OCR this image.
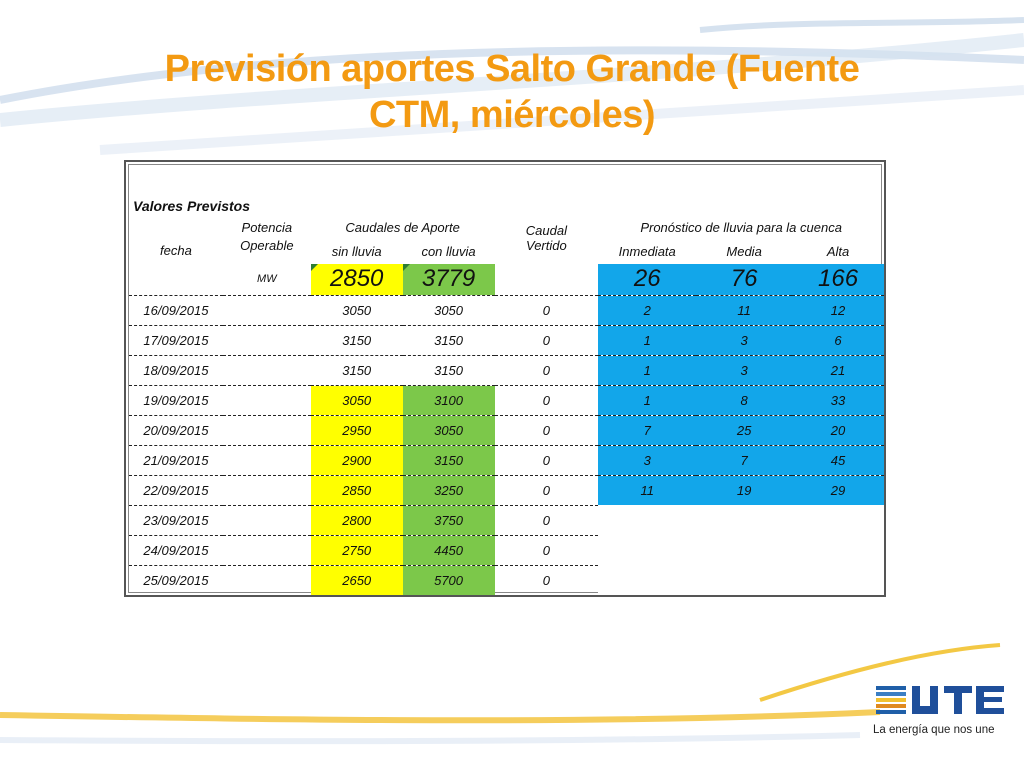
Previsión aportes Salto Grande (Fuente
CTM, miércoles)

Valores Previstos							
fecha	Potencia	Caudales de Aporte		Caudal	Pronóstico de lluvia para la cuenca		
	Operable	sin lluvia	con lluvia	Vertido	Inmediata	Media	Alta
	MW	2850	3779		26	76	166
16/09/2015		3050	3050	0	2	11	12
17/09/2015		3150	3150	0	1	3	6
18/09/2015		3150	3150	0	1	3	21
19/09/2015		3050	3100	0	1	8	33
20/09/2015		2950	3050	0	7	25	20
21/09/2015		2900	3150	0	3	7	45
22/09/2015		2850	3250	0	11	19	29
23/09/2015		2800	3750	0			
24/09/2015		2750	4450	0			
25/09/2015		2650	5700	0			
La energía que nos une
